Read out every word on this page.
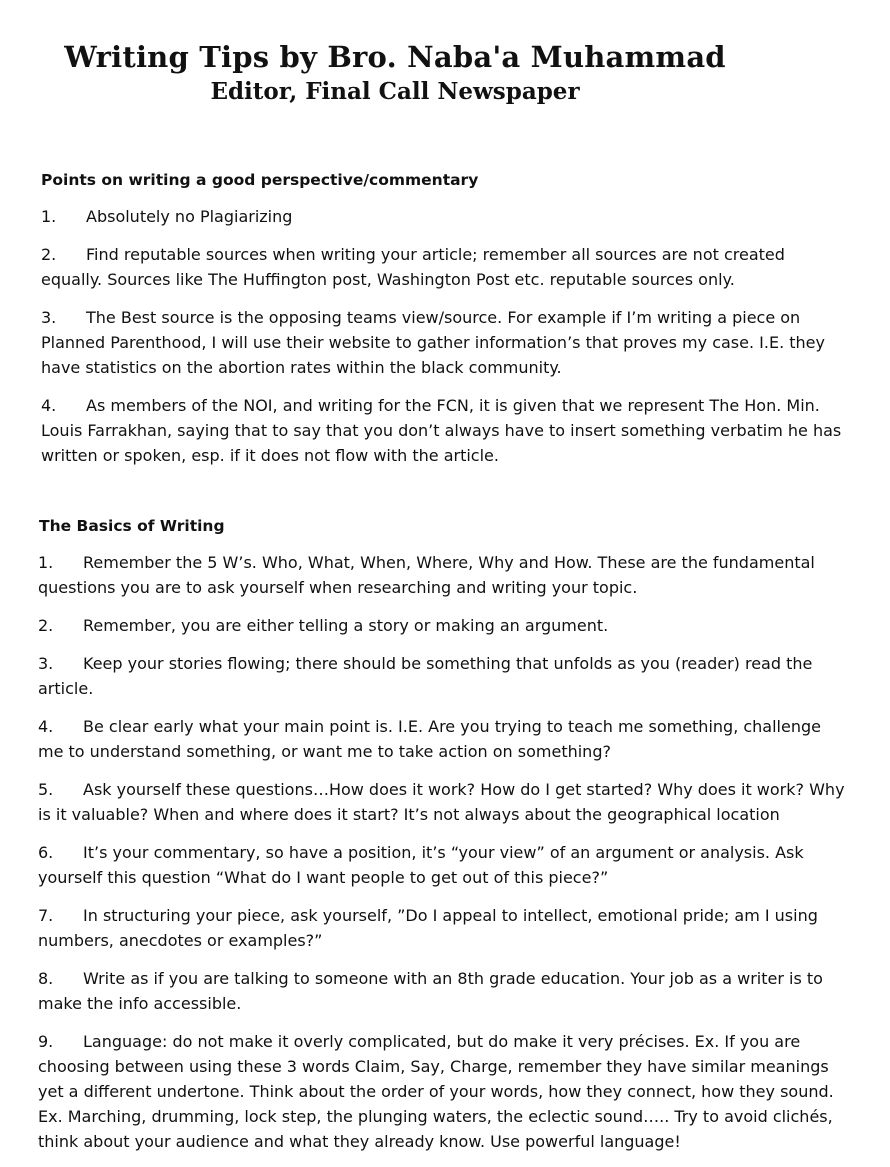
Writing Tips by Bro. Naba'a Muhammad
Editor, Final Call Newspaper

Points on writing a good perspective/commentary

1. Absolutely no Plagiarizing

2. Find reputable sources when writing your article; remember all sources are not created equally. Sources like The Huffington post, Washington Post etc. reputable sources only.

3. The Best source is the opposing teams view/source. For example if I’m writing a piece on Planned Parenthood, I will use their website to gather information’s that proves my case. I.E. they have statistics on the abortion rates within the black community.

4. As members of the NOI, and writing for the FCN, it is given that we represent The Hon. Min. Louis Farrakhan, saying that to say that you don’t always have to insert something verbatim he has written or spoken, esp. if it does not flow with the article.

The Basics of Writing

1. Remember the 5 W’s. Who, What, When, Where, Why and How. These are the fundamental questions you are to ask yourself when researching and writing your topic.

2. Remember, you are either telling a story or making an argument.

3. Keep your stories flowing; there should be something that unfolds as you (reader) read the article.

4. Be clear early what your main point is. I.E. Are you trying to teach me something, challenge me to understand something, or want me to take action on something?

5. Ask yourself these questions…How does it work? How do I get started? Why does it work? Why is it valuable? When and where does it start? It’s not always about the geographical location

6. It’s your commentary, so have a position, it’s “your view” of an argument or analysis. Ask yourself this question “What do I want people to get out of this piece?”

7. In structuring your piece, ask yourself, ”Do I appeal to intellect, emotional pride; am I using numbers, anecdotes or examples?”

8. Write as if you are talking to someone with an 8th grade education. Your job as a writer is to make the info accessible.

9. Language: do not make it overly complicated, but do make it very précises. Ex. If you are choosing between using these 3 words Claim, Say, Charge, remember they have similar meanings yet a different undertone. Think about the order of your words, how they connect, how they sound. Ex. Marching, drumming, lock step, the plunging waters, the eclectic sound….. Try to avoid clichés, think about your audience and what they already know. Use powerful language!
